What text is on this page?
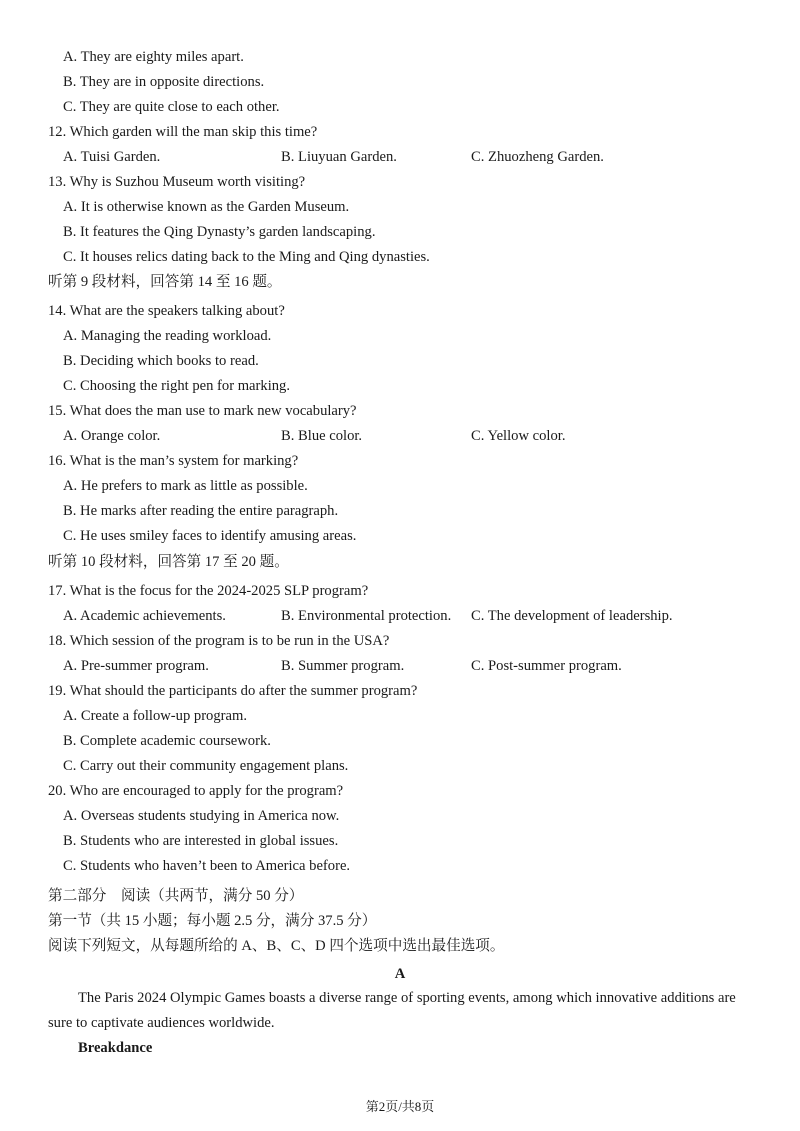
A. They are eighty miles apart.
B. They are in opposite directions.
C. They are quite close to each other.
12. Which garden will the man skip this time?
A. Tuisi Garden.	B. Liuyuan Garden.	C. Zhuozheng Garden.
13. Why is Suzhou Museum worth visiting?
A. It is otherwise known as the Garden Museum.
B. It features the Qing Dynasty’s garden landscaping.
C. It houses relics dating back to the Ming and Qing dynasties.
听第 9 段材料，回答第 14 至 16 题。
14. What are the speakers talking about?
A. Managing the reading workload.
B. Deciding which books to read.
C. Choosing the right pen for marking.
15. What does the man use to mark new vocabulary?
A. Orange color.	B. Blue color.	C. Yellow color.
16. What is the man’s system for marking?
A. He prefers to mark as little as possible.
B. He marks after reading the entire paragraph.
C. He uses smiley faces to identify amusing areas.
听第 10 段材料，回答第 17 至 20 题。
17. What is the focus for the 2024-2025 SLP program?
A. Academic achievements.	B. Environmental protection. C. The development of leadership.
18. Which session of the program is to be run in the USA?
A. Pre-summer program.	B. Summer program.	C. Post-summer program.
19. What should the participants do after the summer program?
A. Create a follow-up program.
B. Complete academic coursework.
C. Carry out their community engagement plans.
20. Who are encouraged to apply for the program?
A. Overseas students studying in America now.
B. Students who are interested in global issues.
C. Students who haven’t been to America before.
第二部分　阅读（共两节，满分 50 分）
第一节（共 15 小题；每小题 2.5 分，满分 37.5 分）
阅读下列短文，从每题所给的 A、B、C、D 四个选项中选出最佳选项。
A
The Paris 2024 Olympic Games boasts a diverse range of sporting events, among which innovative additions are sure to captivate audiences worldwide.
Breakdance
第2页/共8页
